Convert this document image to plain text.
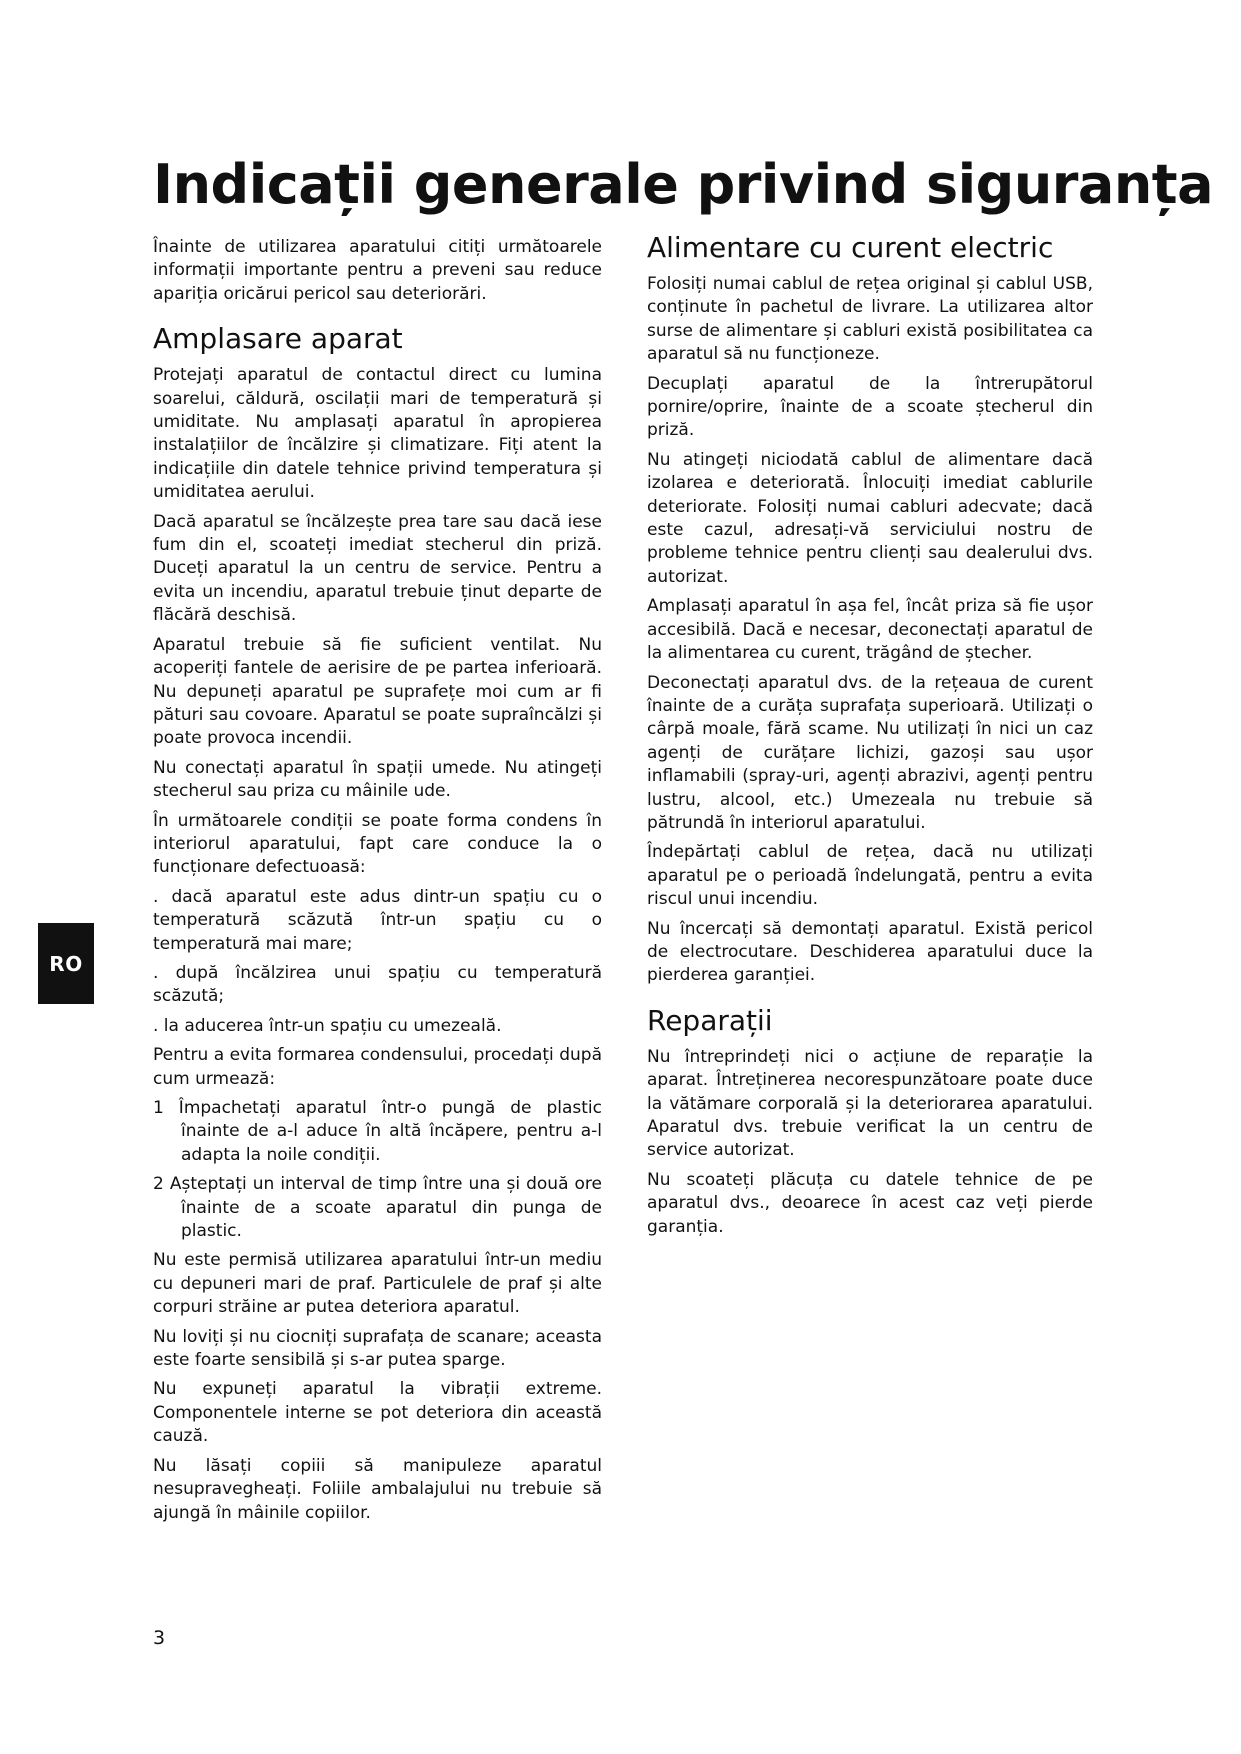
Indicații generale privind siguranța

Înainte de utilizarea aparatului citiți următoarele informații importante pentru a preveni sau reduce apariția oricărui pericol sau deteriorări.

Amplasare aparat

Protejați aparatul de contactul direct cu lumina soarelui, căldură, oscilații mari de temperatură și umiditate. Nu amplasați aparatul în apropierea instalațiilor de încălzire și climatizare. Fiți atent la indicațiile din datele tehnice privind temperatura și umiditatea aerului.

Dacă aparatul se încălzește prea tare sau dacă iese fum din el, scoateți imediat stecherul din priză. Duceți aparatul la un centru de service. Pentru a evita un incendiu, aparatul trebuie ținut departe de flăcără deschisă.

Aparatul trebuie să fie suficient ventilat. Nu acoperiți fantele de aerisire de pe partea inferioară. Nu depuneți aparatul pe suprafețe moi cum ar fi pături sau covoare. Aparatul se poate supraîncălzi și poate provoca incendii.

Nu conectați aparatul în spații umede. Nu atingeți stecherul sau priza cu mâinile ude.

În următoarele condiții se poate forma condens în interiorul aparatului, fapt care conduce la o funcționare defectuoasă:

. dacă aparatul este adus dintr-un spațiu cu o temperatură scăzută într-un spațiu cu o temperatură mai mare;

. după încălzirea unui spațiu cu temperatură scăzută;

. la aducerea într-un spațiu cu umezeală.

Pentru a evita formarea condensului, procedați după cum urmează:

1 Împachetați aparatul într-o pungă de plastic înainte de a-l aduce în altă încăpere, pentru a-l adapta la noile condiții.

2 Așteptați un interval de timp între una și două ore înainte de a scoate aparatul din punga de plastic.

Nu este permisă utilizarea aparatului într-un mediu cu depuneri mari de praf. Particulele de praf și alte corpuri străine ar putea deteriora aparatul.

Nu loviți și nu ciocniți suprafața de scanare; aceasta este foarte sensibilă și s-ar putea sparge.

Nu expuneți aparatul la vibrații extreme. Componentele interne se pot deteriora din această cauză.

Nu lăsați copiii să manipuleze aparatul nesupravegheați. Foliile ambalajului nu trebuie să ajungă în mâinile copiilor.

Alimentare cu curent electric

Folosiți numai cablul de rețea original și cablul USB, conținute în pachetul de livrare. La utilizarea altor surse de alimentare și cabluri există posibilitatea ca aparatul să nu funcționeze.

Decuplați aparatul de la întrerupătorul pornire/oprire, înainte de a scoate ștecherul din priză.

Nu atingeți niciodată cablul de alimentare dacă izolarea e deteriorată. Înlocuiți imediat cablurile deteriorate. Folosiți numai cabluri adecvate; dacă este cazul, adresați-vă serviciului nostru de probleme tehnice pentru clienți sau dealerului dvs. autorizat.

Amplasați aparatul în așa fel, încât priza să fie ușor accesibilă. Dacă e necesar, deconectați aparatul de la alimentarea cu curent, trăgând de ștecher.

Deconectați aparatul dvs. de la rețeaua de curent înainte de a curăța suprafața superioară. Utilizați o cârpă moale, fără scame. Nu utilizați în nici un caz agenți de curățare lichizi, gazoși sau ușor inflamabili (spray-uri, agenți abrazivi, agenți pentru lustru, alcool, etc.) Umezeala nu trebuie să pătrundă în interiorul aparatului.

Îndepărtați cablul de rețea, dacă nu utilizați aparatul pe o perioadă îndelungată, pentru a evita riscul unui incendiu.

Nu încercați să demontați aparatul. Există pericol de electrocutare. Deschiderea aparatului duce la pierderea garanției.

Reparații

Nu întreprindeți nici o acțiune de reparație la aparat. Întreținerea necorespunzătoare poate duce la vătămare corporală și la deteriorarea aparatului. Aparatul dvs. trebuie verificat la un centru de service autorizat.

Nu scoateți plăcuța cu datele tehnice de pe aparatul dvs., deoarece în acest caz veți pierde garanția.

RO
3
